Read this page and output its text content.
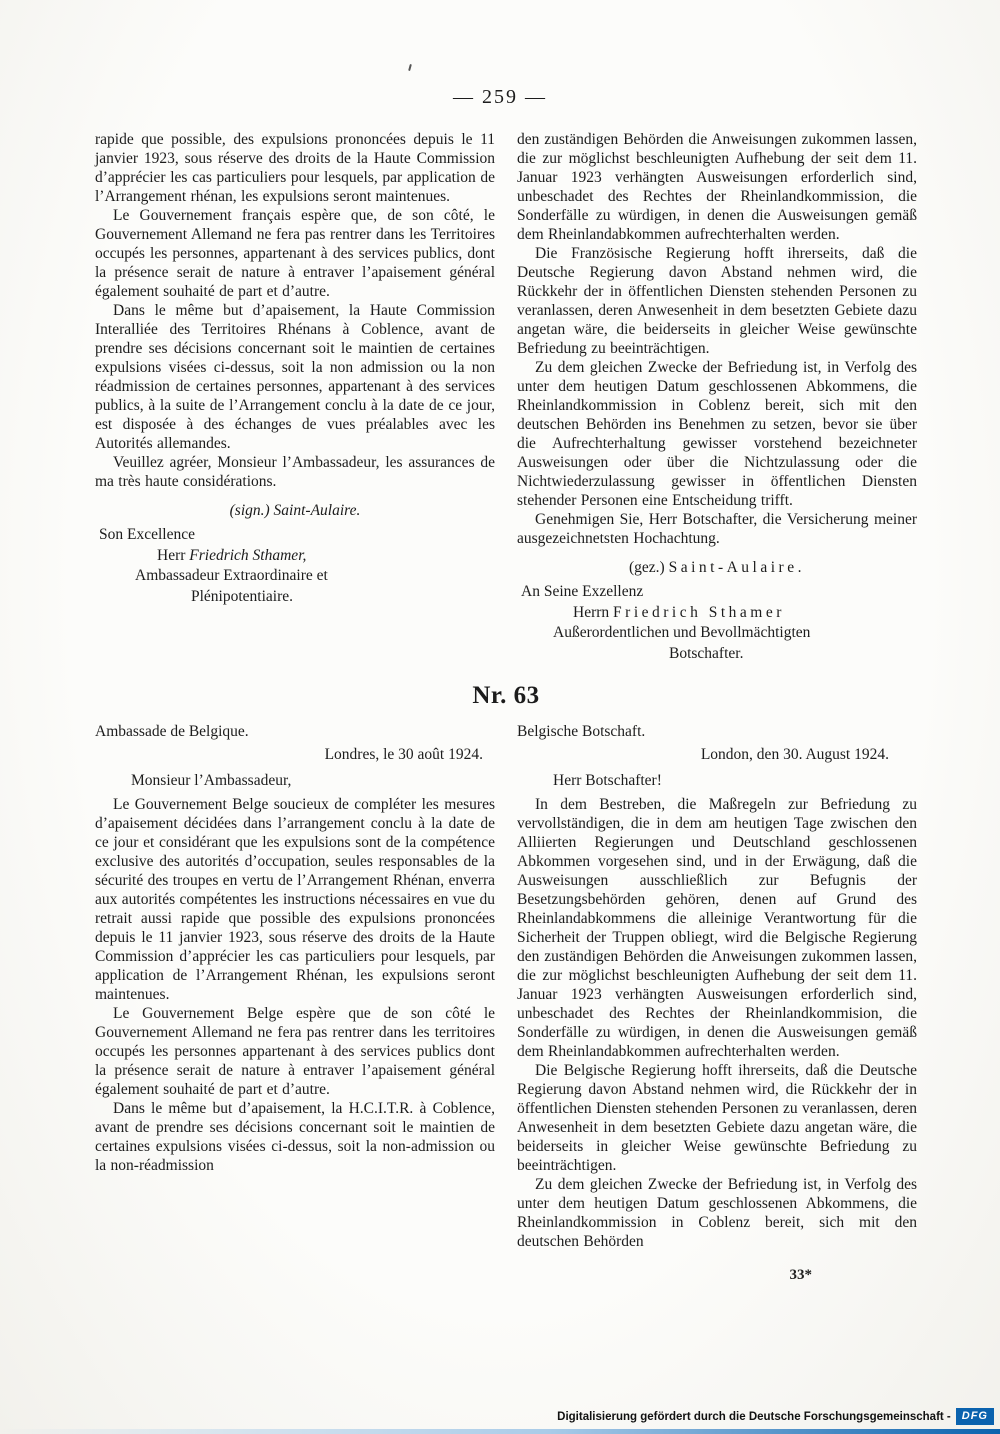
— 259 —

rapide que possible, des expulsions prononcées depuis le 11 janvier 1923, sous réserve des droits de la Haute Commission d’apprécier les cas particuliers pour lesquels, par application de l’Arrangement rhénan, les expulsions seront maintenues.

Le Gouvernement français espère que, de son côté, le Gouvernement Allemand ne fera pas rentrer dans les Territoires occupés les personnes, appartenant à des services publics, dont la présence serait de nature à entraver l’apaisement général également souhaité de part et d’autre.

Dans le même but d’apaisement, la Haute Commission Interalliée des Territoires Rhénans à Coblence, avant de prendre ses décisions concernant soit le maintien de certaines expulsions visées ci-dessus, soit la non admission ou la non réadmission de certaines personnes, appartenant à des services publics, à la suite de l’Arrangement conclu à la date de ce jour, est disposée à des échanges de vues préalables avec les Autorités allemandes.

Veuillez agréer, Monsieur l’Ambassadeur, les assurances de ma très haute considérations.

(sign.) Saint-Aulaire.

Son Excellence
Herr Friedrich Sthamer,
Ambassadeur Extraordinaire et
Plénipotentiaire.

den zuständigen Behörden die Anweisungen zukommen lassen, die zur möglichst beschleunigten Aufhebung der seit dem 11. Januar 1923 verhängten Ausweisungen erforderlich sind, unbeschadet des Rechtes der Rheinlandkommission, die Sonderfälle zu würdigen, in denen die Ausweisungen gemäß dem Rheinlandabkommen aufrechterhalten werden.

Die Französische Regierung hofft ihrerseits, daß die Deutsche Regierung davon Abstand nehmen wird, die Rückkehr der in öffentlichen Diensten stehenden Personen zu veranlassen, deren Anwesenheit in dem besetzten Gebiete dazu angetan wäre, die beiderseits in gleicher Weise gewünschte Befriedung zu beeinträchtigen.

Zu dem gleichen Zwecke der Befriedung ist, in Verfolg des unter dem heutigen Datum geschlossenen Abkommens, die Rheinlandkommission in Coblenz bereit, sich mit den deutschen Behörden ins Benehmen zu setzen, bevor sie über die Aufrechterhaltung gewisser vorstehend bezeichneter Ausweisungen oder über die Nichtzulassung oder die Nichtwiederzulassung gewisser in öffentlichen Diensten stehender Personen eine Entscheidung trifft.

Genehmigen Sie, Herr Botschafter, die Versicherung meiner ausgezeichnetsten Hochachtung.

(gez.) Saint-Aulaire.

An Seine Exzellenz
Herrn Friedrich Sthamer
Außerordentlichen und Bevollmächtigten
Botschafter.
Nr. 63
Ambassade de Belgique.
Londres, le 30 août 1924.
Monsieur l’Ambassadeur,

Le Gouvernement Belge soucieux de compléter les mesures d’apaisement décidées dans l’arrangement conclu à la date de ce jour et considérant que les expulsions sont de la compétence exclusive des autorités d’occupation, seules responsables de la sécurité des troupes en vertu de l’Arrangement Rhénan, enverra aux autorités compétentes les instructions nécessaires en vue du retrait aussi rapide que possible des expulsions prononcées depuis le 11 janvier 1923, sous réserve des droits de la Haute Commission d’apprécier les cas particuliers pour lesquels, par application de l’Arrangement Rhénan, les expulsions seront maintenues.

Le Gouvernement Belge espère que de son côté le Gouvernement Allemand ne fera pas rentrer dans les territoires occupés les personnes appartenant à des services publics dont la présence serait de nature à entraver l’apaisement général également souhaité de part et d’autre.

Dans le même but d’apaisement, la H.C.I.T.R. à Coblence, avant de prendre ses décisions concernant soit le maintien de certaines expulsions visées ci-dessus, soit la non-admission ou la non-réadmission

Belgische Botschaft.
London, den 30. August 1924.
Herr Botschafter!

In dem Bestreben, die Maßregeln zur Befriedung zu vervollständigen, die in dem am heutigen Tage zwischen den Alliierten Regierungen und Deutschland geschlossenen Abkommen vorgesehen sind, und in der Erwägung, daß die Ausweisungen ausschließlich zur Befugnis der Besetzungsbehörden gehören, denen auf Grund des Rheinlandabkommens die alleinige Verantwortung für die Sicherheit der Truppen obliegt, wird die Belgische Regierung den zuständigen Behörden die Anweisungen zukommen lassen, die zur möglichst beschleunigten Aufhebung der seit dem 11. Januar 1923 verhängten Ausweisungen erforderlich sind, unbeschadet des Rechtes der Rheinlandkommision, die Sonderfälle zu würdigen, in denen die Ausweisungen gemäß dem Rheinlandabkommen aufrechterhalten werden.

Die Belgische Regierung hofft ihrerseits, daß die Deutsche Regierung davon Abstand nehmen wird, die Rückkehr der in öffentlichen Diensten stehenden Personen zu veranlassen, deren Anwesenheit in dem besetzten Gebiete dazu angetan wäre, die beiderseits in gleicher Weise gewünschte Befriedung zu beeinträchtigen.

Zu dem gleichen Zwecke der Befriedung ist, in Verfolg des unter dem heutigen Datum geschlossenen Abkommens, die Rheinlandkommission in Coblenz bereit, sich mit den deutschen Behörden

33*
Digitalisierung gefördert durch die Deutsche Forschungsgemeinschaft -	DFG
